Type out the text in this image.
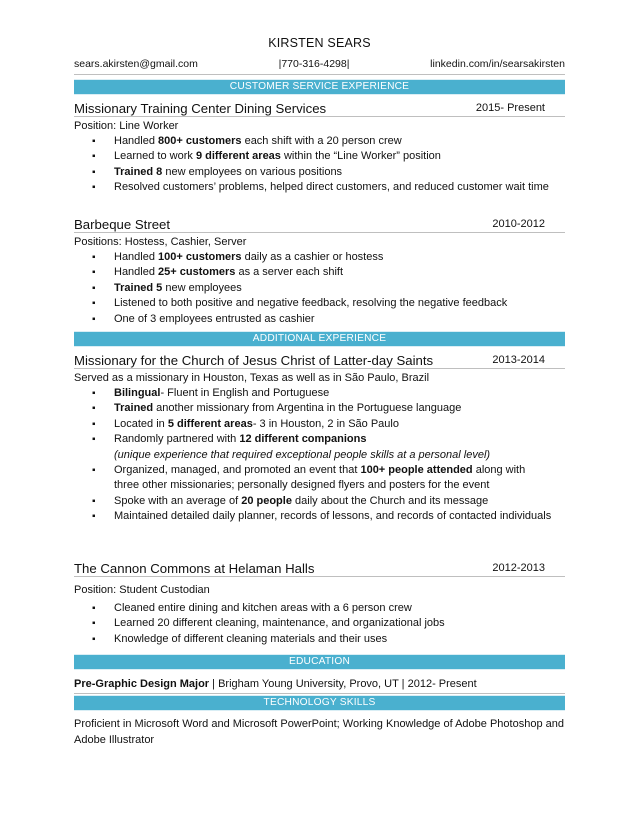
KIRSTEN SEARS
sears.akirsten@gmail.com	|770-316-4298|	linkedin.com/in/searsakirsten
CUSTOMER SERVICE EXPERIENCE
Missionary Training Center Dining Services	2015- Present
Position: Line Worker
▪ Handled 800+ customers each shift with a 20 person crew
▪ Learned to work 9 different areas within the “Line Worker” position
▪ Trained 8 new employees on various positions
▪ Resolved customers’ problems, helped direct customers, and reduced customer wait time
Barbeque Street	2010-2012
Positions: Hostess, Cashier, Server
▪ Handled 100+ customers daily as a cashier or hostess
▪ Handled 25+ customers as a server each shift
▪ Trained 5 new employees
▪ Listened to both positive and negative feedback, resolving the negative feedback
▪ One of 3 employees entrusted as cashier
ADDITIONAL EXPERIENCE
Missionary for the Church of Jesus Christ of Latter-day Saints	2013-2014
Served as a missionary in Houston, Texas as well as in São Paulo, Brazil
▪ Bilingual- Fluent in English and Portuguese
▪ Trained another missionary from Argentina in the Portuguese language
▪ Located in 5 different areas- 3 in Houston, 2 in São Paulo
▪ Randomly partnered with 12 different companions
(unique experience that required exceptional people skills at a personal level)
▪ Organized, managed, and promoted an event that 100+ people attended along with three other missionaries; personally designed flyers and posters for the event
▪ Spoke with an average of 20 people daily about the Church and its message
▪ Maintained detailed daily planner, records of lessons, and records of contacted individuals
The Cannon Commons at Helaman Halls	2012-2013
Position: Student Custodian
▪ Cleaned entire dining and kitchen areas with a 6 person crew
▪ Learned 20 different cleaning, maintenance, and organizational jobs
▪ Knowledge of different cleaning materials and their uses
EDUCATION
Pre-Graphic Design Major | Brigham Young University, Provo, UT | 2012- Present
TECHNOLOGY SKILLS
Proficient in Microsoft Word and Microsoft PowerPoint; Working Knowledge of Adobe Photoshop and Adobe Illustrator
